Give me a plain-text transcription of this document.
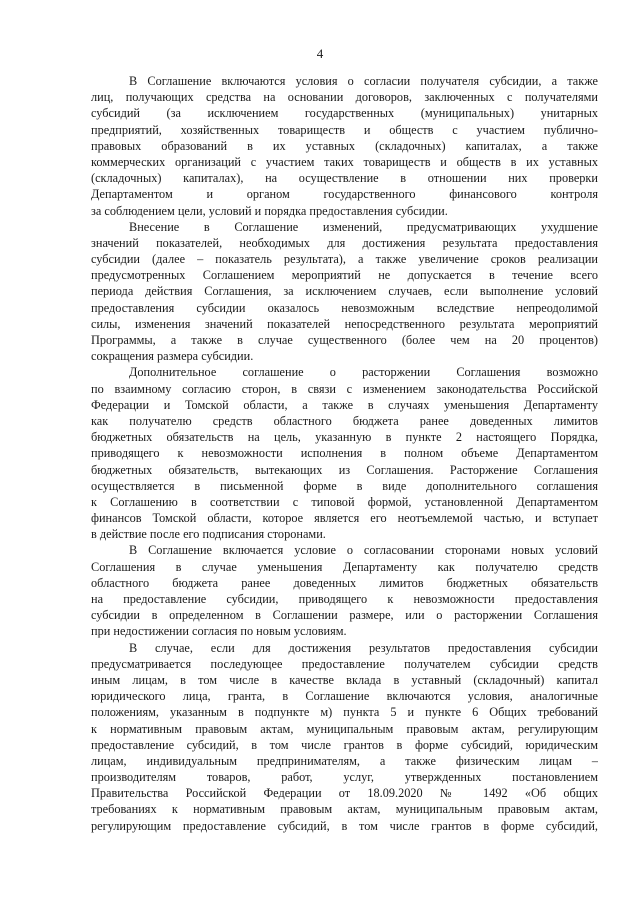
4
В Соглашение включаются условия о согласии получателя субсидии, а также
лиц, получающих средства на основании договоров, заключенных с получателями
субсидий (за исключением государственных (муниципальных) унитарных
предприятий, хозяйственных товариществ и обществ с участием публично-
правовых образований в их уставных (складочных) капиталах, а также
коммерческих организаций с участием таких товариществ и обществ в их уставных
(складочных) капиталах), на осуществление в отношении них проверки
Департаментом и органом государственного финансового контроля
за соблюдением цели, условий и порядка предоставления субсидии.
Внесение в Соглашение изменений, предусматривающих ухудшение
значений показателей, необходимых для достижения результата предоставления
субсидии (далее – показатель результата), а также увеличение сроков реализации
предусмотренных Соглашением мероприятий не допускается в течение всего
периода действия Соглашения, за исключением случаев, если выполнение условий
предоставления субсидии оказалось невозможным вследствие непреодолимой
силы, изменения значений показателей непосредственного результата мероприятий
Программы, а также в случае существенного (более чем на 20 процентов)
сокращения размера субсидии.
Дополнительное соглашение о расторжении Соглашения возможно
по взаимному согласию сторон, в связи с изменением законодательства Российской
Федерации и Томской области, а также в случаях уменьшения Департаменту
как получателю средств областного бюджета ранее доведенных лимитов
бюджетных обязательств на цель, указанную в пункте 2 настоящего Порядка,
приводящего к невозможности исполнения в полном объеме Департаментом
бюджетных обязательств, вытекающих из Соглашения. Расторжение Соглашения
осуществляется в письменной форме в виде дополнительного соглашения
к Соглашению в соответствии с типовой формой, установленной Департаментом
финансов Томской области, которое является его неотъемлемой частью, и вступает
в действие после его подписания сторонами.
В Соглашение включается условие о согласовании сторонами новых условий
Соглашения в случае уменьшения Департаменту как получателю средств
областного бюджета ранее доведенных лимитов бюджетных обязательств
на предоставление субсидии, приводящего к невозможности предоставления
субсидии в определенном в Соглашении размере, или о расторжении Соглашения
при недостижении согласия по новым условиям.
В случае, если для достижения результатов предоставления субсидии
предусматривается последующее предоставление получателем субсидии средств
иным лицам, в том числе в качестве вклада в уставный (складочный) капитал
юридического лица, гранта, в Соглашение включаются условия, аналогичные
положениям, указанным в подпункте м) пункта 5 и пункте 6 Общих требований
к нормативным правовым актам, муниципальным правовым актам, регулирующим
предоставление субсидий, в том числе грантов в форме субсидий, юридическим
лицам, индивидуальным предпринимателям, а также физическим лицам –
производителям товаров, работ, услуг, утвержденных постановлением
Правительства Российской Федерации от 18.09.2020 № 1492 «Об общих
требованиях к нормативным правовым актам, муниципальным правовым актам,
регулирующим предоставление субсидий, в том числе грантов в форме субсидий,
